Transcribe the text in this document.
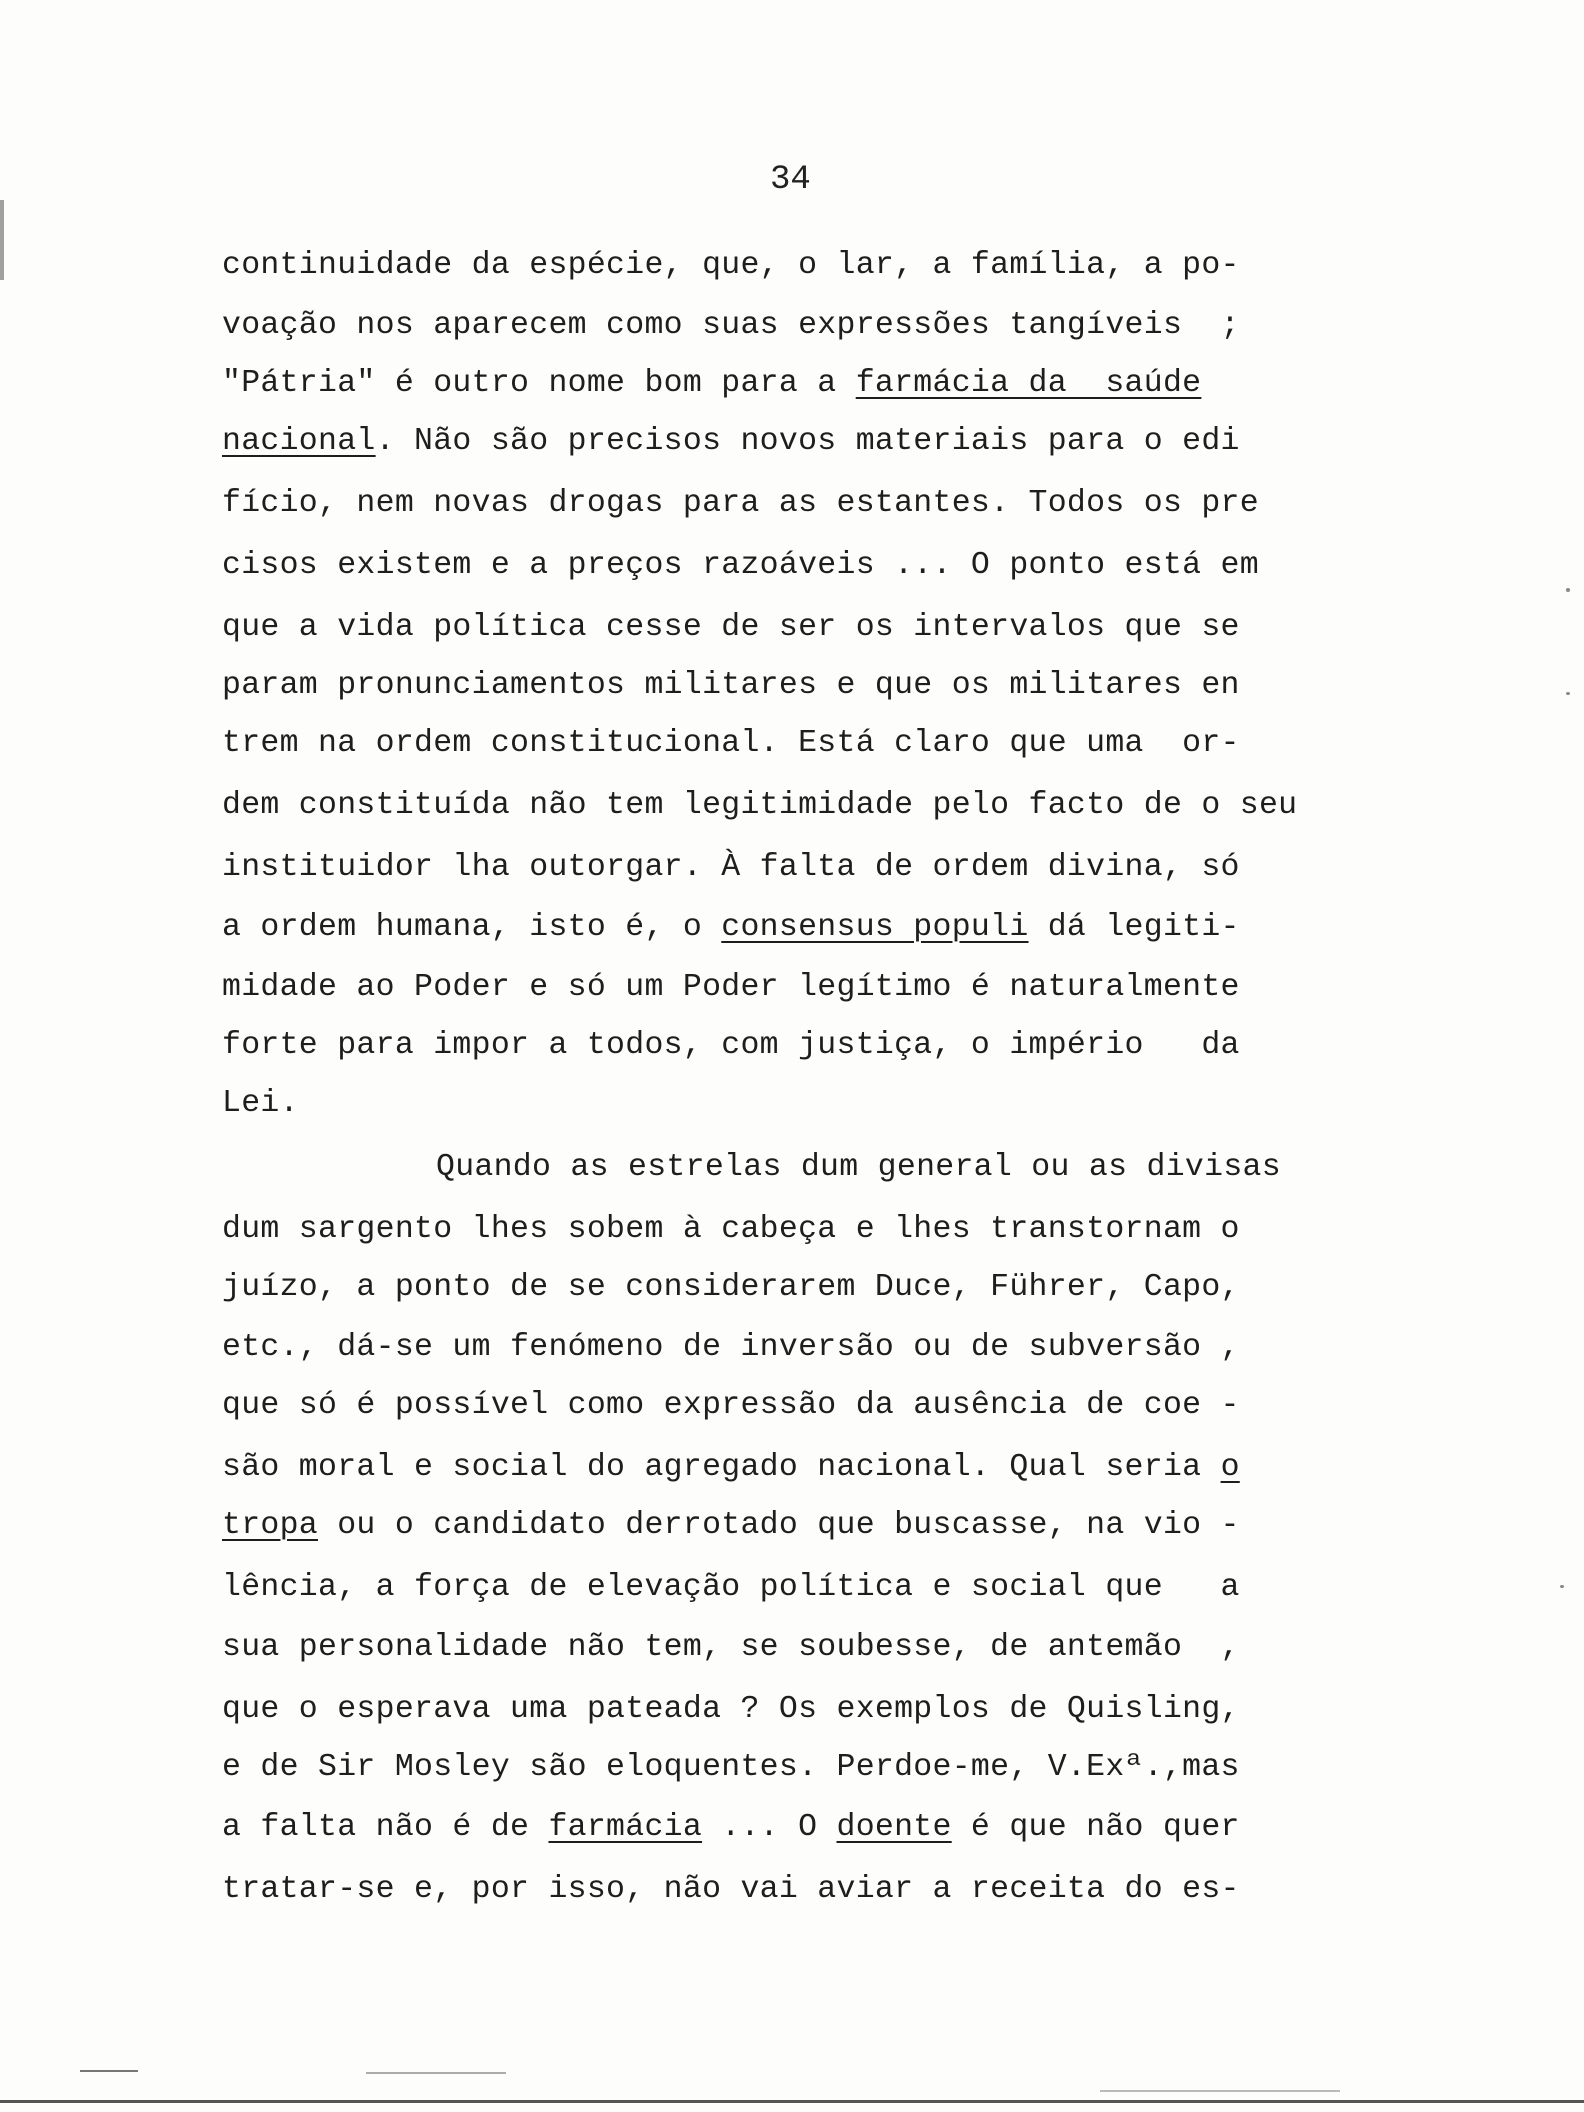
34
continuidade da espécie, que, o lar, a família, a po-
voação nos aparecem como suas expressões tangíveis  ;
"Pátria" é outro nome bom para a farmácia da  saúde
nacional. Não são precisos novos materiais para o edi
fício, nem novas drogas para as estantes. Todos os pre
cisos existem e a preços razoáveis ... O ponto está em
que a vida política cesse de ser os intervalos que se
param pronunciamentos militares e que os militares en
trem na ordem constitucional. Está claro que uma  or-
dem constituída não tem legitimidade pelo facto de o seu
instituidor lha outorgar. À falta de ordem divina, só
a ordem humana, isto é, o consensus populi dá legiti-
midade ao Poder e só um Poder legítimo é naturalmente
forte para impor a todos, com justiça, o império   da
Lei.
Quando as estrelas dum general ou as divisas
dum sargento lhes sobem à cabeça e lhes transtornam o
juízo, a ponto de se considerarem Duce, Führer, Capo,
etc., dá-se um fenómeno de inversão ou de subversão ,
que só é possível como expressão da ausência de coe -
são moral e social do agregado nacional. Qual seria o
tropa ou o candidato derrotado que buscasse, na vio -
lência, a força de elevação política e social que   a
sua personalidade não tem, se soubesse, de antemão  ,
que o esperava uma pateada ? Os exemplos de Quisling,
e de Sir Mosley são eloquentes. Perdoe-me, V.Exª.,mas
a falta não é de farmácia ... O doente é que não quer
tratar-se e, por isso, não vai aviar a receita do es-
